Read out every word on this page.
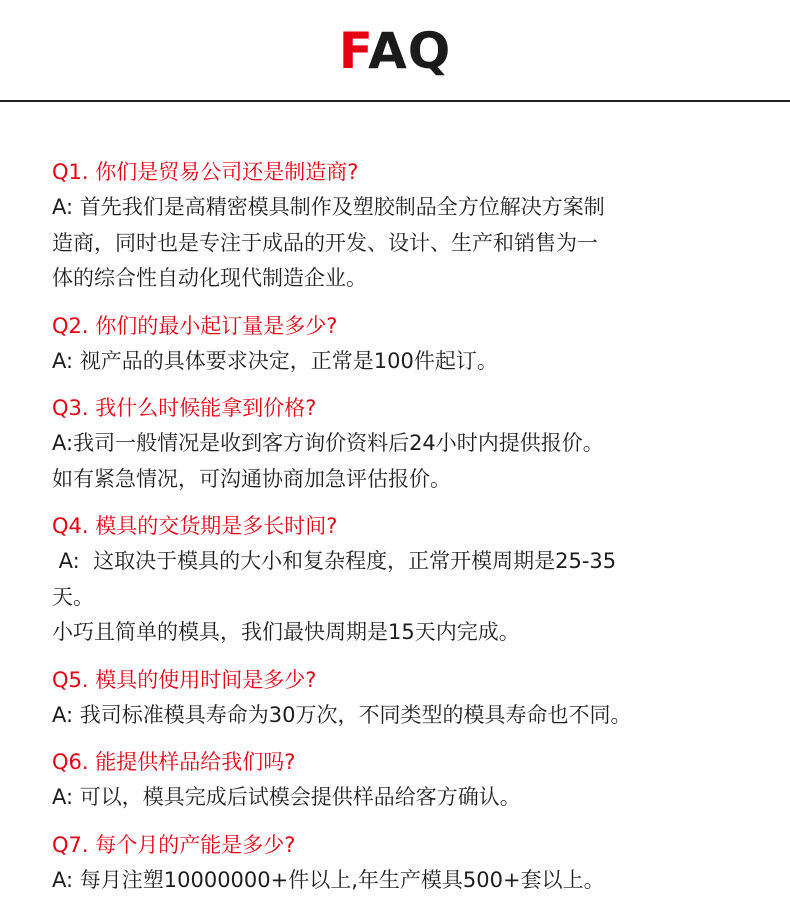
FAQ
Q1. 你们是贸易公司还是制造商?
A: 首先我们是高精密模具制作及塑胶制品全方位解决方案制
造商，同时也是专注于成品的开发、设计、生产和销售为一
体的综合性自动化现代制造企业。
Q2. 你们的最小起订量是多少?
A: 视产品的具体要求决定，正常是100件起订。
Q3. 我什么时候能拿到价格?
A:我司一般情况是收到客方询价资料后24小时内提供报价。
如有紧急情况，可沟通协商加急评估报价。
Q4. 模具的交货期是多长时间?
A:  这取决于模具的大小和复杂程度，正常开模周期是25-35
天。
小巧且简单的模具，我们最快周期是15天内完成。
Q5. 模具的使用时间是多少?
A: 我司标准模具寿命为30万次，不同类型的模具寿命也不同。
Q6. 能提供样品给我们吗?
A: 可以，模具完成后试模会提供样品给客方确认。
Q7. 每个月的产能是多少?
A: 每月注塑10000000+件以上,年生产模具500+套以上。
